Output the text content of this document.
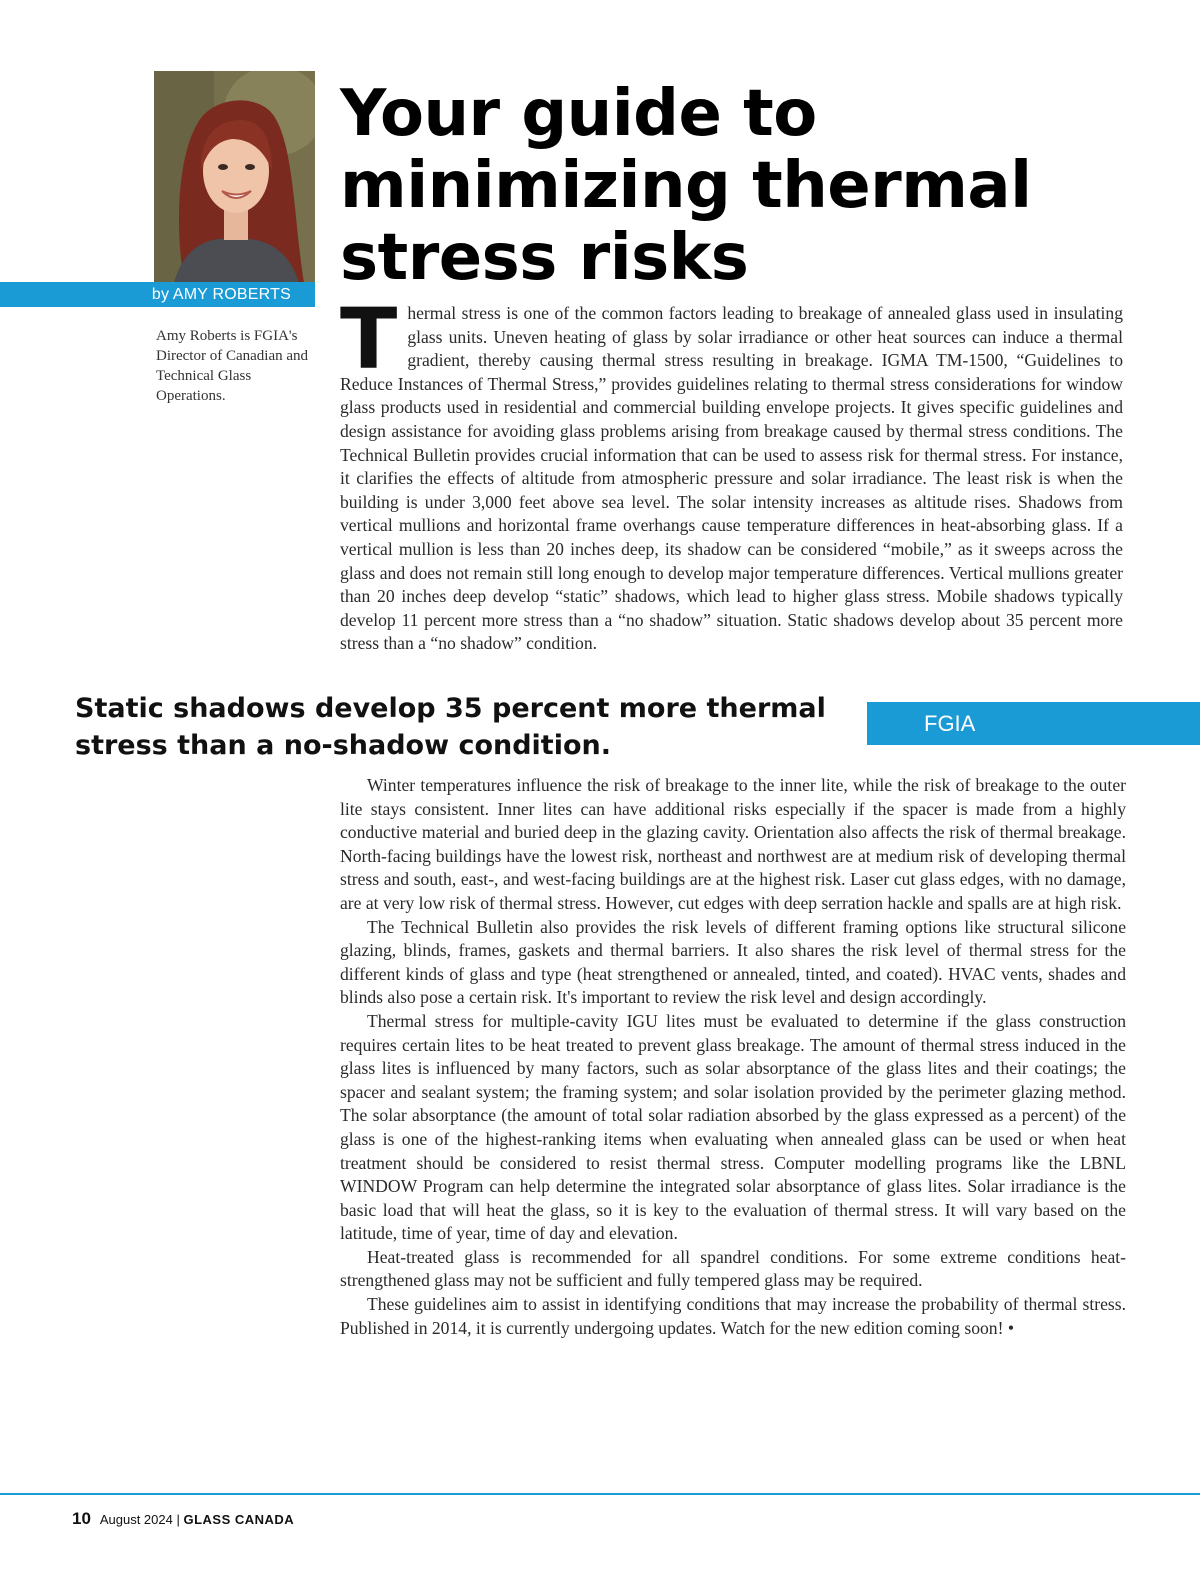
by AMY ROBERTS
Amy Roberts is FGIA's Director of Canadian and Technical Glass Operations.
Your guide to minimizing thermal stress risks
Thermal stress is one of the common factors leading to breakage of annealed glass used in insulating glass units. Uneven heating of glass by solar irradiance or other heat sources can induce a thermal gradient, thereby causing thermal stress resulting in breakage. IGMA TM-1500, “Guidelines to Reduce Instances of Thermal Stress,” provides guidelines relating to thermal stress considerations for window glass products used in residential and commercial building envelope projects. It gives specific guidelines and design assistance for avoiding glass problems arising from breakage caused by thermal stress conditions. The Technical Bulletin provides crucial information that can be used to assess risk for thermal stress. For instance, it clarifies the effects of altitude from atmospheric pressure and solar irradiance. The least risk is when the building is under 3,000 feet above sea level. The solar intensity increases as altitude rises. Shadows from vertical mullions and horizontal frame overhangs cause temperature differences in heat-absorbing glass. If a vertical mullion is less than 20 inches deep, its shadow can be considered “mobile,” as it sweeps across the glass and does not remain still long enough to develop major temperature differences. Vertical mullions greater than 20 inches deep develop “static” shadows, which lead to higher glass stress. Mobile shadows typically develop 11 percent more stress than a “no shadow” situation. Static shadows develop about 35 percent more stress than a “no shadow” condition.
Static shadows develop 35 percent more thermal stress than a no-shadow condition.
FGIA

Winter temperatures influence the risk of breakage to the inner lite, while the risk of breakage to the outer lite stays consistent. Inner lites can have additional risks especially if the spacer is made from a highly conductive material and buried deep in the glazing cavity. Orientation also affects the risk of thermal breakage. North-facing buildings have the lowest risk, northeast and northwest are at medium risk of developing thermal stress and south, east-, and west-facing buildings are at the highest risk. Laser cut glass edges, with no damage, are at very low risk of thermal stress. However, cut edges with deep serration hackle and spalls are at high risk.

The Technical Bulletin also provides the risk levels of different framing options like structural silicone glazing, blinds, frames, gaskets and thermal barriers. It also shares the risk level of thermal stress for the different kinds of glass and type (heat strengthened or annealed, tinted, and coated). HVAC vents, shades and blinds also pose a certain risk. It's important to review the risk level and design accordingly.

Thermal stress for multiple-cavity IGU lites must be evaluated to determine if the glass construction requires certain lites to be heat treated to prevent glass breakage. The amount of thermal stress induced in the glass lites is influenced by many factors, such as solar absorptance of the glass lites and their coatings; the spacer and sealant system; the framing system; and solar isolation provided by the perimeter glazing method. The solar absorptance (the amount of total solar radiation absorbed by the glass expressed as a percent) of the glass is one of the highest-ranking items when evaluating when annealed glass can be used or when heat treatment should be considered to resist thermal stress. Computer modelling programs like the LBNL WINDOW Program can help determine the integrated solar absorptance of glass lites. Solar irradiance is the basic load that will heat the glass, so it is key to the evaluation of thermal stress. It will vary based on the latitude, time of year, time of day and elevation.

Heat-treated glass is recommended for all spandrel conditions. For some extreme conditions heat-strengthened glass may not be sufficient and fully tempered glass may be required.

These guidelines aim to assist in identifying conditions that may increase the probability of thermal stress. Published in 2014, it is currently undergoing updates. Watch for the new edition coming soon! •

10 August 2024 | GLASS CANADA
